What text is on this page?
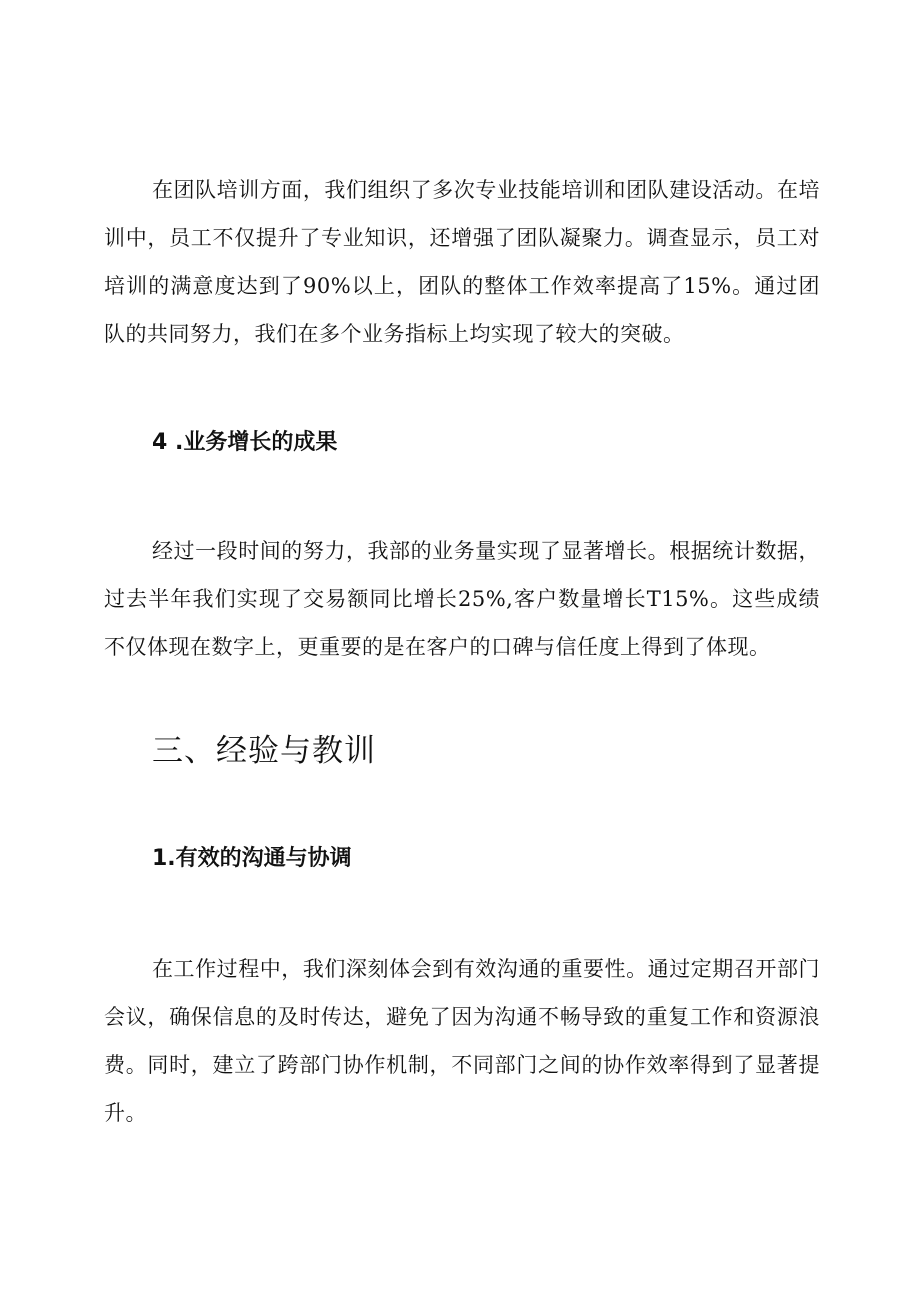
在团队培训方面，我们组织了多次专业技能培训和团队建设活动。在培训中，员工不仅提升了专业知识，还增强了团队凝聚力。调查显示，员工对培训的满意度达到了90%以上，团队的整体工作效率提高了15%。通过团队的共同努力，我们在多个业务指标上均实现了较大的突破。

4 .业务增长的成果

经过一段时间的努力，我部的业务量实现了显著增长。根据统计数据，过去半年我们实现了交易额同比增长25%,客户数量增长T15%。这些成绩不仅体现在数字上，更重要的是在客户的口碑与信任度上得到了体现。

三、经验与教训
1.有效的沟通与协调

在工作过程中，我们深刻体会到有效沟通的重要性。通过定期召开部门会议，确保信息的及时传达，避免了因为沟通不畅导致的重复工作和资源浪费。同时，建立了跨部门协作机制，不同部门之间的协作效率得到了显著提升。
